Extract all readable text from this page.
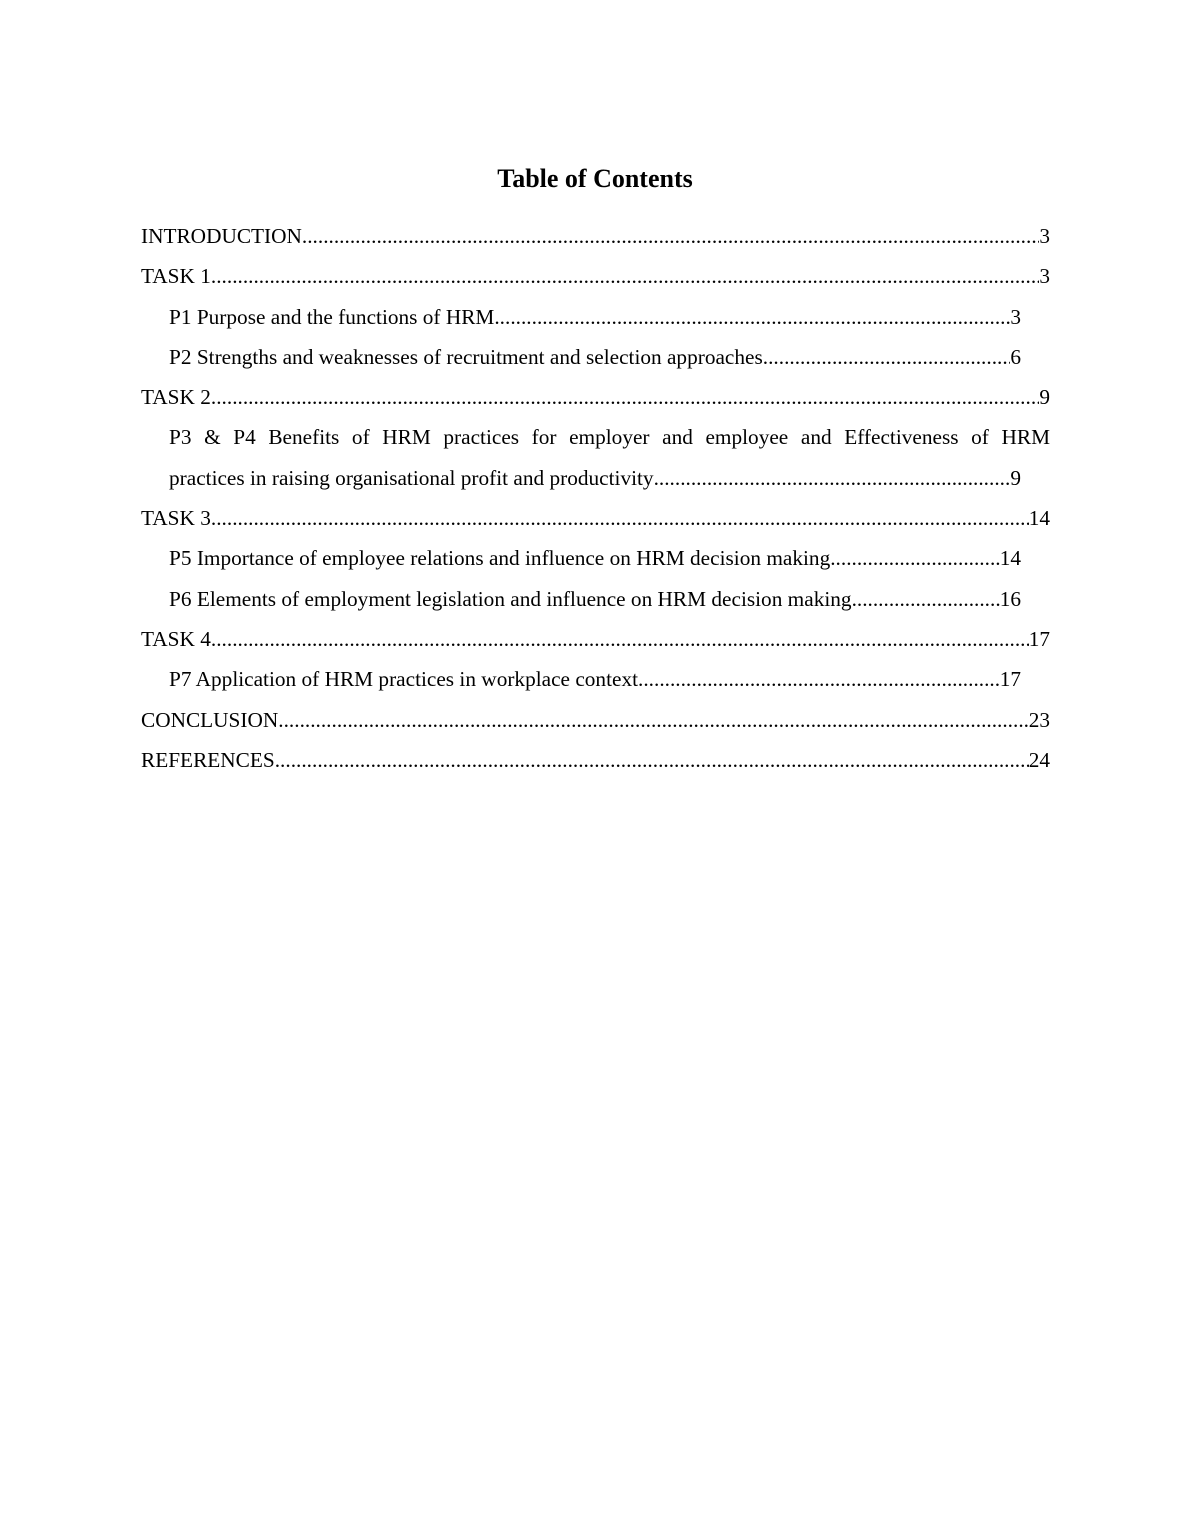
Table of Contents
INTRODUCTION .....	3
TASK 1 .....	3
P1 Purpose and the functions of HRM .....	3
P2 Strengths and weaknesses of recruitment and selection approaches .....	6
TASK 2 .....	9
P3 & P4 Benefits of HRM practices for employer and employee and Effectiveness of HRM
practices in raising organisational profit and productivity .....	9
TASK 3 .....	14
P5 Importance of employee relations and influence on HRM decision making .....	14
P6 Elements of employment legislation and influence on HRM decision making .....	16
TASK 4 .....	17
P7 Application of HRM practices in workplace context .....	17
CONCLUSION .....	23
REFERENCES .....	24
